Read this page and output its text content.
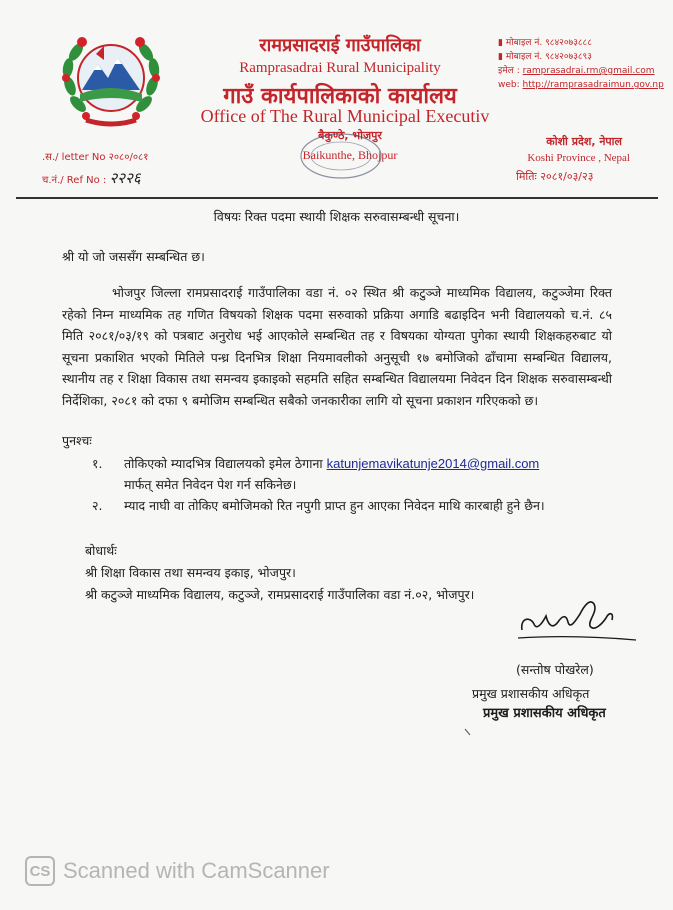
रामप्रसादराई गाउँपालिका
Ramprasadrai Rural Municipality
गाउँ कार्यपालिकाको कार्यालय
Office of The Rural Municipal Executiv
बैकुण्ठे, भोजपुर
Baikunthe, Bhojpur
▮ मोबाइल नं. ९८४२०७३८८८
▮ मोबाइल नं. ९८४२०७३८९३
इमेल : ramprasadrai.rm@gmail.com
web: http://ramprasadraimun.gov.np
कोशी प्रदेश, नेपाल
Koshi Province , Nepal
.स./ letter No २०८०/०८१
च.नं./ Ref No : २२२६	मितिः २०८१/०३/२३
विषयः रिक्त पदमा स्थायी शिक्षक सरुवासम्बन्धी सूचना।
श्री यो जो जससँग सम्बन्धित छ।
भोजपुर जिल्ला रामप्रसादराई गाउँपालिका वडा नं. ०२ स्थित श्री कटुञ्जे माध्यमिक विद्यालय, कटुञ्जेमा रिक्त रहेको निम्न माध्यमिक तह गणित विषयको शिक्षक पदमा सरुवाको प्रक्रिया अगाडि बढाइदिन भनी विद्यालयको च.नं. ८५ मिति २०८१/०३/१९ को पत्रबाट अनुरोध भई आएकोले सम्बन्धित तह र विषयका योग्यता पुगेका स्थायी शिक्षकहरुबाट यो सूचना प्रकाशित भएको मितिले पन्ध्र दिनभित्र शिक्षा नियमावलीको अनुसूची १७ बमोजिको ढाँचामा सम्बन्धित विद्यालय, स्थानीय तह र शिक्षा विकास तथा समन्वय इकाइको सहमति सहित सम्बन्धित विद्यालयमा निवेदन दिन शिक्षक सरुवासम्बन्धी निर्देशिका, २०८१ को दफा ९ बमोजिम सम्बन्धित सबैको जनकारीका लागि यो सूचना प्रकाशन गरिएकको छ।
पुनश्चः
१. तोकिएको म्यादभित्र विद्यालयको इमेल ठेगाना katunjemavikatunje2014@gmail.com
मार्फत् समेत निवेदन पेश गर्न सकिनेछ।
२. म्याद नाघी वा तोकिए बमोजिमको रित नपुगी प्राप्त हुन आएका निवेदन माथि कारबाही हुने छैन।
बोधार्थः
श्री शिक्षा विकास तथा समन्वय इकाइ, भोजपुर।
श्री कटुञ्जे माध्यमिक विद्यालय, कटुञ्जे, रामप्रसादराई गाउँपालिका वडा नं.०२, भोजपुर।
(सन्तोष पोखरेल)
प्रमुख प्रशासकीय अधिकृत
प्रमुख प्रशासकीय अधिकृत
CS Scanned with CamScanner
